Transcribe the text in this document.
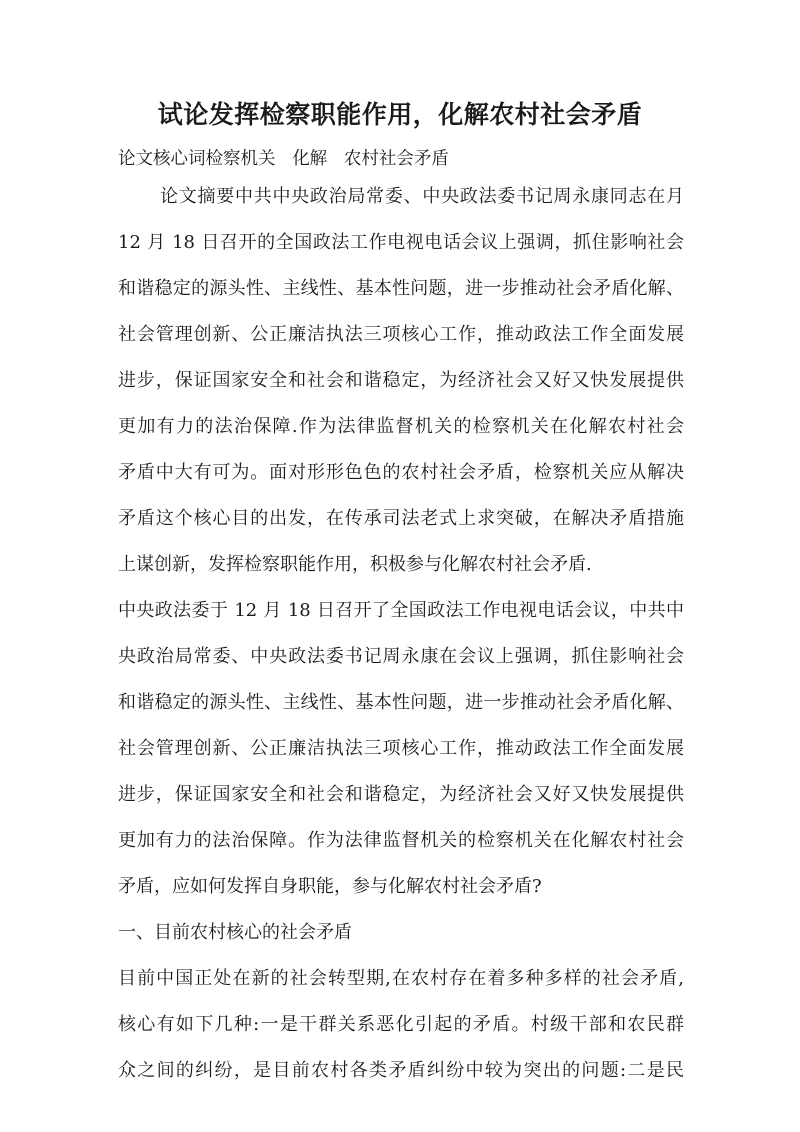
试论发挥检察职能作用，化解农村社会矛盾
论文核心词检察机关   化解   农村社会矛盾
论文摘要中共中央政治局常委、中央政法委书记周永康同志在月
12 月 18 日召开的全国政法工作电视电话会议上强调，抓住影响社会
和谐稳定的源头性、主线性、基本性问题，进一步推动社会矛盾化解、
社会管理创新、公正廉洁执法三项核心工作，推动政法工作全面发展
进步，保证国家安全和社会和谐稳定，为经济社会又好又快发展提供
更加有力的法治保障.作为法律监督机关的检察机关在化解农村社会
矛盾中大有可为。面对形形色色的农村社会矛盾，检察机关应从解决
矛盾这个核心目的出发，在传承司法老式上求突破，在解决矛盾措施
上谋创新，发挥检察职能作用，积极参与化解农村社会矛盾.
中央政法委于 12 月 18 日召开了全国政法工作电视电话会议，中共中
央政治局常委、中央政法委书记周永康在会议上强调，抓住影响社会
和谐稳定的源头性、主线性、基本性问题，进一步推动社会矛盾化解、
社会管理创新、公正廉洁执法三项核心工作，推动政法工作全面发展
进步，保证国家安全和社会和谐稳定，为经济社会又好又快发展提供
更加有力的法治保障。作为法律监督机关的检察机关在化解农村社会
矛盾，应如何发挥自身职能，参与化解农村社会矛盾?
一、目前农村核心的社会矛盾
目前中国正处在新的社会转型期,在农村存在着多种多样的社会矛盾,
核心有如下几种:一是干群关系恶化引起的矛盾。村级干部和农民群
众之间的纠纷，是目前农村各类矛盾纠纷中较为突出的问题:二是民
